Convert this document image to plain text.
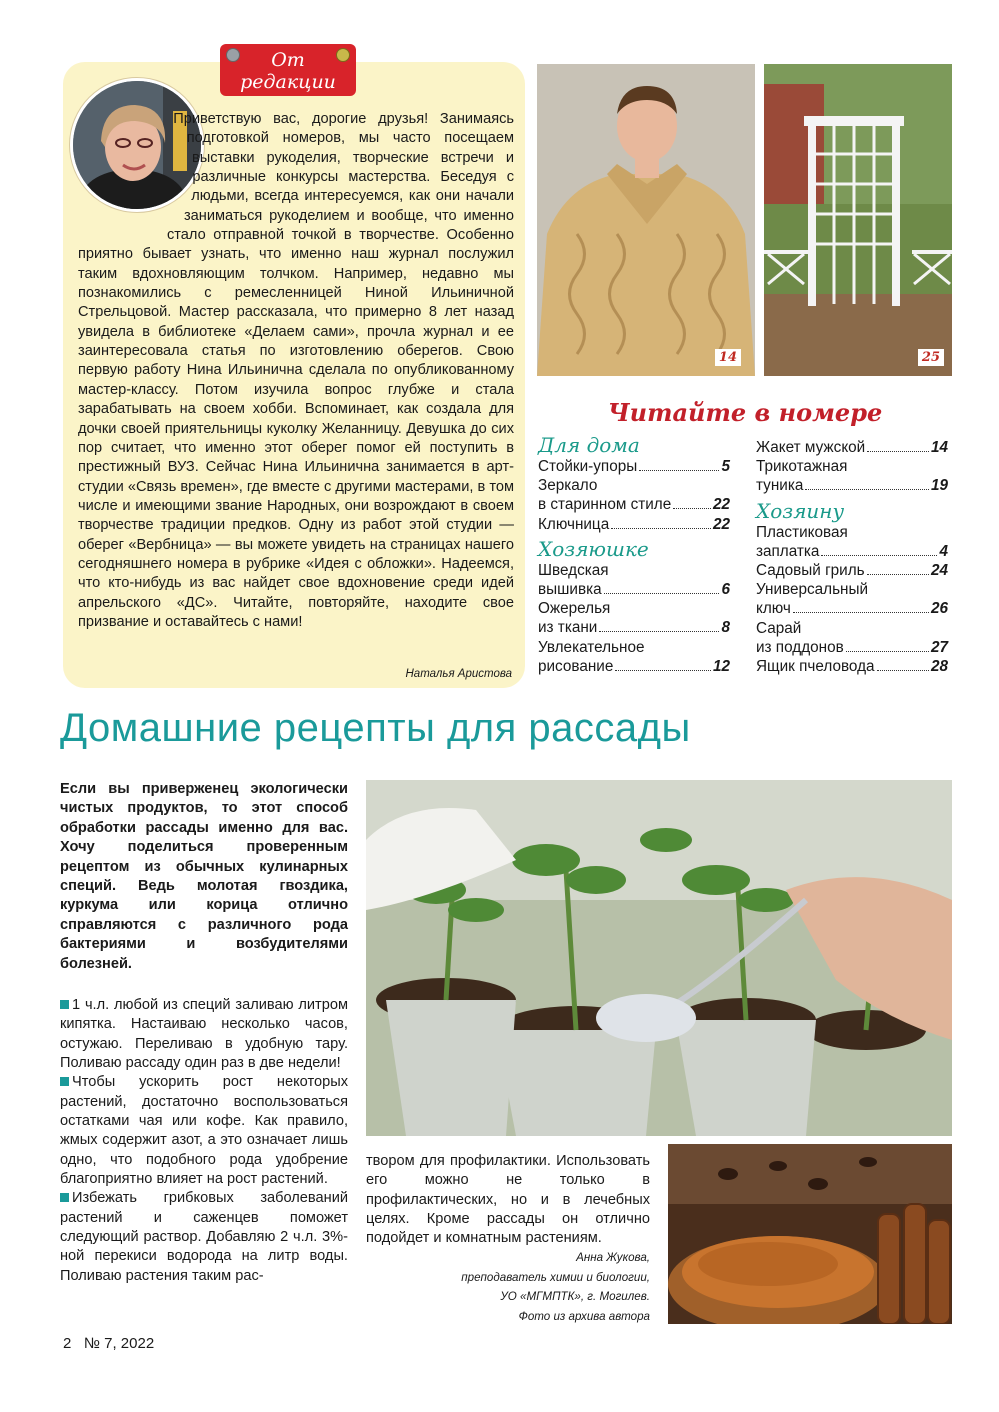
От
редакции

Приветствую вас, дорогие друзья! Занимаясь подготовкой номеров, мы часто посещаем выставки рукоделия, творческие встречи и различные конкурсы мастерства. Беседуя с людьми, всегда интересуемся, как они начали заниматься рукоделием и вообще, что именно стало отправной точкой в творчестве. Особенно приятно бывает узнать, что именно наш журнал послужил таким вдохновляющим толчком. Например, недавно мы познакомились с ремесленницей Ниной Ильиничной Стрельцовой. Мастер рассказала, что примерно 8 лет назад увидела в библиотеке «Делаем сами», прочла журнал и ее заинтересовала статья по изготовлению оберегов. Свою первую работу Нина Ильинична сделала по опубликованному мастер-классу. Потом изучила вопрос глубже и стала зарабатывать на своем хобби. Вспоминает, как создала для дочки своей приятельницы куколку Желанницу. Девушка до сих пор считает, что именно этот оберег помог ей поступить в престижный ВУЗ. Сейчас Нина Ильинична занимается в арт-студии «Связь времен», где вместе с другими мастерами, в том числе и имеющими звание Народных, они возрождают в своем творчестве традиции предков. Одну из работ этой студии — оберег «Вербница» — вы можете увидеть на страницах нашего сегодняшнего номера в рубрике «Идея с обложки». Надеемся, что кто-нибудь из вас найдет свое вдохновение среди идей апрельского «ДС». Читайте, повторяйте, находите свое призвание и оставайтесь с нами!

Наталья Аристова
14	25
Читайте в номере
Для дома
Стойки-упоры	5
Зеркало
в старинном стиле	22
Ключница	22
Хозяюшке
Шведская
вышивка	6
Ожерелья
из ткани	8
Увлекательное
рисование	12
Жакет мужской	14
Трикотажная
туника	19
Хозяину
Пластиковая
заплатка	4
Садовый гриль	24
Универсальный
ключ	26
Сарай
из поддонов	27
Ящик пчеловода	28
Домашние рецепты для рассады
Если вы приверженец экологически чистых продуктов, то этот способ обработки рассады именно для вас. Хочу поделиться проверенным рецептом из обычных кулинарных специй. Ведь молотая гвоздика, куркума или корица отлично справляются с различного рода бактериями и возбудителями болезней.

1 ч.л. любой из специй заливаю литром кипятка. Настаиваю несколько часов, остужаю. Переливаю в удобную тару. Поливаю рассаду один раз в две недели!

Чтобы ускорить рост некоторых растений, достаточно воспользоваться остатками чая или кофе. Как правило, жмых содержит азот, а это означает лишь одно, что подобного рода удобрение благоприятно влияет на рост растений.

Избежать грибковых заболеваний растений и саженцев поможет следующий раствор. Добавляю 2 ч.л. 3%-ной перекиси водорода на литр воды. Поливаю растения таким рас-

твором для профилактики. Использовать его можно не только в профилактических, но и в лечебных целях. Кроме рассады он отлично подойдет и комнатным растениям.
Анна Жукова,
преподаватель химии и биологии,
УО «МГМПТК», г. Могилев.
Фото из архива автора
2 № 7, 2022
